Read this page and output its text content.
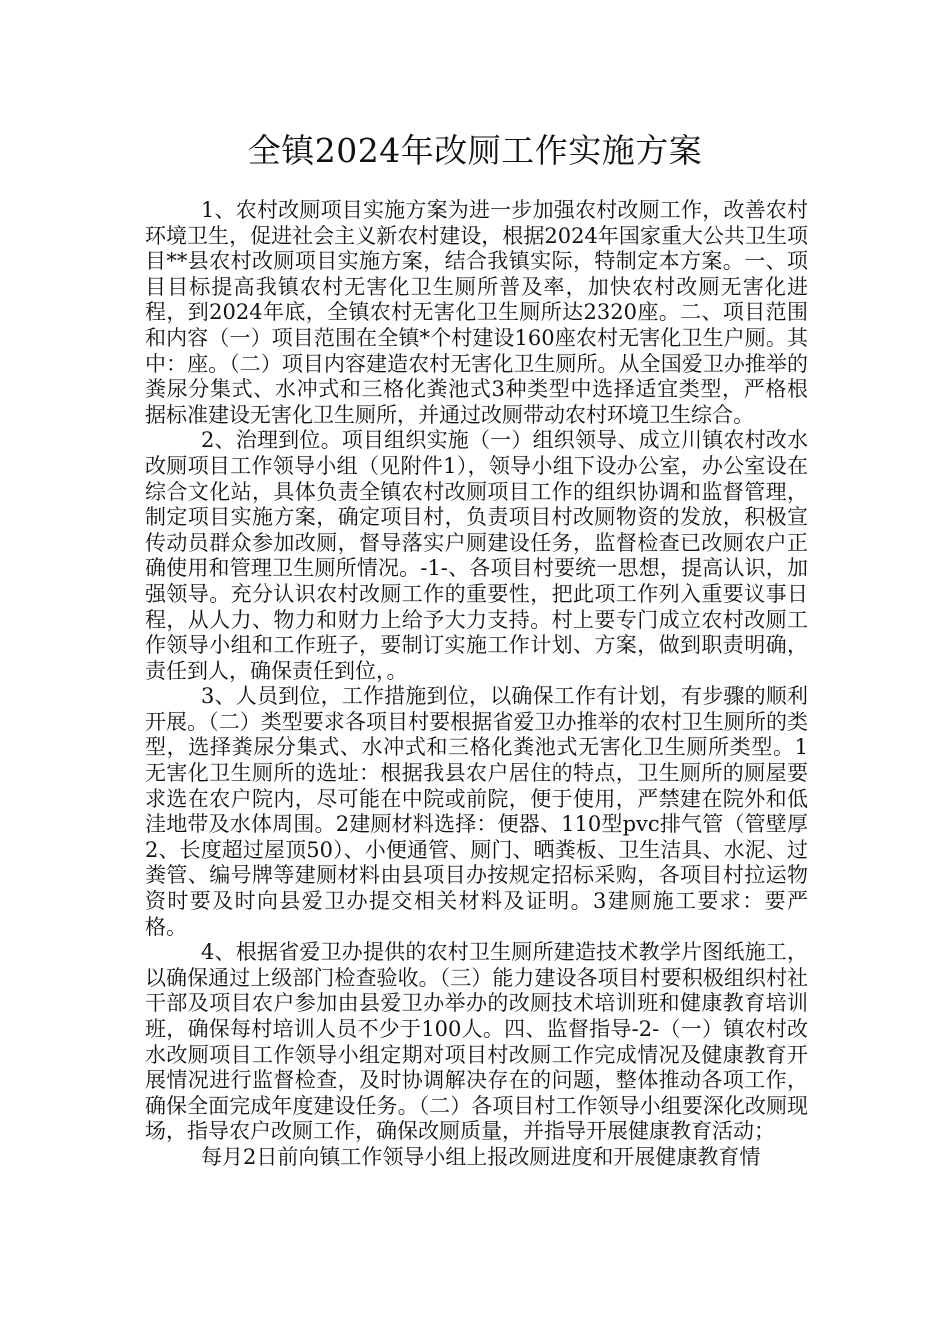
全镇2024年改厕工作实施方案

1、农村改厕项目实施方案为进一步加强农村改厕工作，改善农村环境卫生，促进社会主义新农村建设，根据2024年国家重大公共卫生项目**县农村改厕项目实施方案，结合我镇实际，特制定本方案。一、项目目标提高我镇农村无害化卫生厕所普及率，加快农村改厕无害化进程，到2024年底，全镇农村无害化卫生厕所达2320座。二、项目范围和内容（一）项目范围在全镇*个村建设160座农村无害化卫生户厕。其中：座。（二）项目内容建造农村无害化卫生厕所。从全国爱卫办推举的粪尿分集式、水冲式和三格化粪池式3种类型中选择适宜类型，严格根据标准建设无害化卫生厕所，并通过改厕带动农村环境卫生综合。

2、治理到位。项目组织实施（一）组织领导、成立川镇农村改水改厕项目工作领导小组（见附件1），领导小组下设办公室，办公室设在综合文化站，具体负责全镇农村改厕项目工作的组织协调和监督管理，制定项目实施方案，确定项目村，负责项目村改厕物资的发放，积极宣传动员群众参加改厕，督导落实户厕建设任务，监督检查已改厕农户正确使用和管理卫生厕所情况。-1-、各项目村要统一思想，提高认识，加强领导。充分认识农村改厕工作的重要性，把此项工作列入重要议事日程，从人力、物力和财力上给予大力支持。村上要专门成立农村改厕工作领导小组和工作班子，要制订实施工作计划、方案，做到职责明确，责任到人，确保责任到位，。

3、人员到位，工作措施到位，以确保工作有计划，有步骤的顺利开展。（二）类型要求各项目村要根据省爱卫办推举的农村卫生厕所的类型，选择粪尿分集式、水冲式和三格化粪池式无害化卫生厕所类型。1无害化卫生厕所的选址：根据我县农户居住的特点，卫生厕所的厕屋要求选在农户院内，尽可能在中院或前院，便于使用，严禁建在院外和低洼地带及水体周围。2建厕材料选择：便器、110型pvc排气管（管壁厚2、长度超过屋顶50）、小便通管、厕门、晒粪板、卫生洁具、水泥、过粪管、编号牌等建厕材料由县项目办按规定招标采购，各项目村拉运物资时要及时向县爱卫办提交相关材料及证明。3建厕施工要求：要严格。

4、根据省爱卫办提供的农村卫生厕所建造技术教学片图纸施工，以确保通过上级部门检查验收。（三）能力建设各项目村要积极组织村社干部及项目农户参加由县爱卫办举办的改厕技术培训班和健康教育培训班，确保每村培训人员不少于100人。四、监督指导-2-（一）镇农村改水改厕项目工作领导小组定期对项目村改厕工作完成情况及健康教育开展情况进行监督检查，及时协调解决存在的问题，整体推动各项工作，确保全面完成年度建设任务。（二）各项目村工作领导小组要深化改厕现场，指导农户改厕工作，确保改厕质量，并指导开展健康教育活动；

每月2日前向镇工作领导小组上报改厕进度和开展健康教育情
